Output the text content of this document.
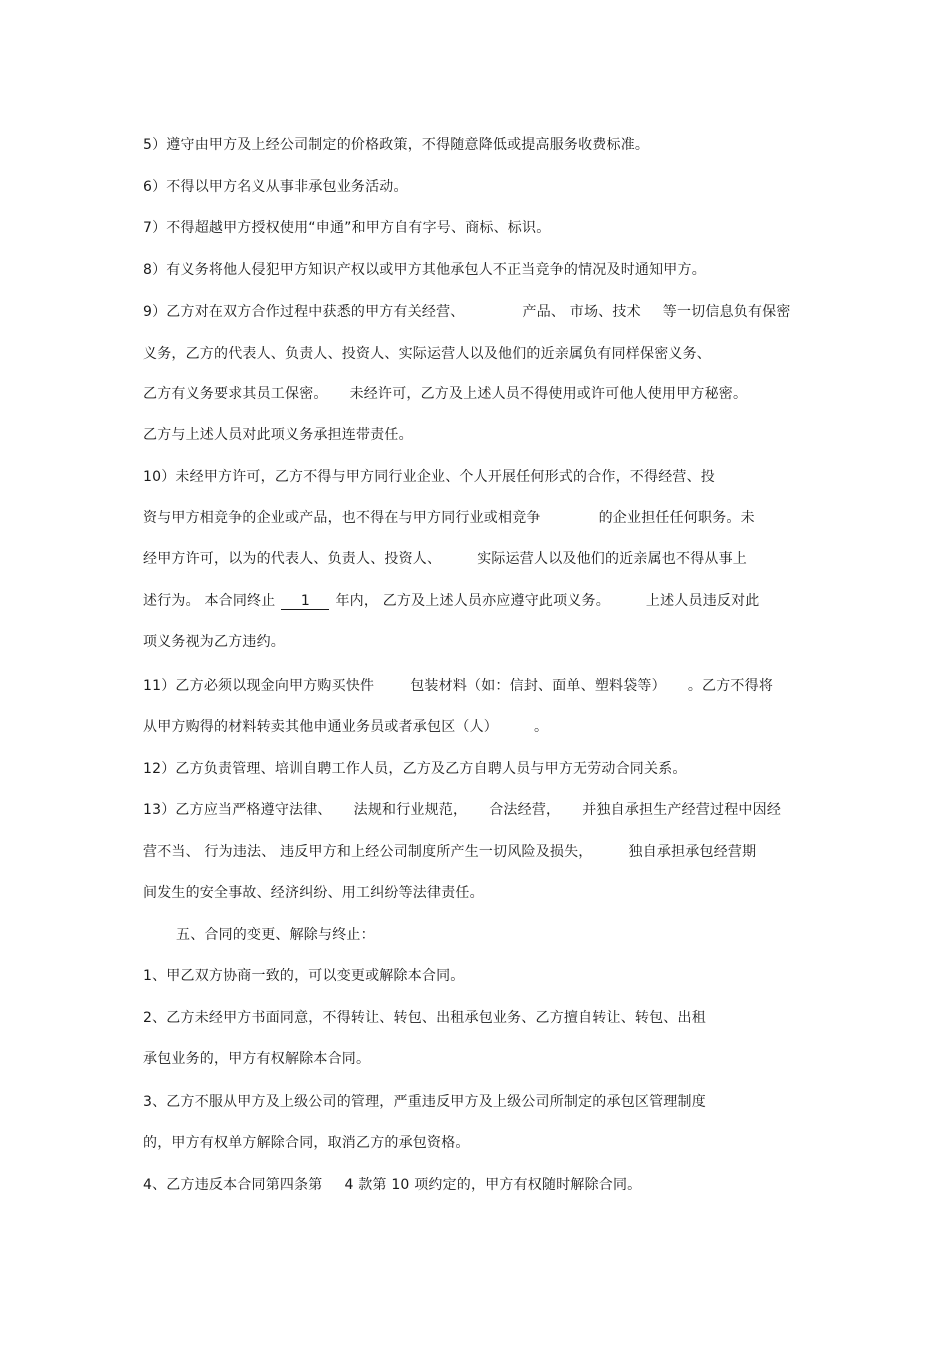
5）遵守由甲方及上经公司制定的价格政策，不得随意降低或提高服务收费标准。
6）不得以甲方名义从事非承包业务活动。
7）不得超越甲方授权使用“申通”和甲方自有字号、商标、标识。
8）有义务将他人侵犯甲方知识产权以或甲方其他承包人不正当竞争的情况及时通知甲方。
9）乙方对在双方合作过程中获悉的甲方有关经营、	产品、 市场、技术 等一切信息负有保密
义务，乙方的代表人、负责人、投资人、实际运营人以及他们的近亲属负有同样保密义务、
乙方有义务要求其员工保密。 未经许可，乙方及上述人员不得使用或许可他人使用甲方秘密。
乙方与上述人员对此项义务承担连带责任。
10）未经甲方许可，乙方不得与甲方同行业企业、个人开展任何形式的合作，不得经营、投
资与甲方相竞争的企业或产品，也不得在与甲方同行业或相竞争	的企业担任任何职务。未
经甲方许可，以为的代表人、负责人、投资人、	实际运营人以及他们的近亲属也不得从事上
述行为。 本合同终止 1 年内， 乙方及上述人员亦应遵守此项义务。	上述人员违反对此
项义务视为乙方违约。
11）乙方必须以现金向甲方购买快件	包装材料（如：信封、面单、塑料袋等） 。乙方不得将
从甲方购得的材料转卖其他申通业务员或者承包区（人）	。
12）乙方负责管理、培训自聘工作人员，乙方及乙方自聘人员与甲方无劳动合同关系。
13）乙方应当严格遵守法律、 法规和行业规范， 合法经营， 并独自承担生产经营过程中因经
营不当、 行为违法、 违反甲方和上经公司制度所产生一切风险及损失，	独自承担承包经营期
间发生的安全事故、经济纠纷、用工纠纷等法律责任。
五、合同的变更、解除与终止：
1、甲乙双方协商一致的，可以变更或解除本合同。
2、乙方未经甲方书面同意，不得转让、转包、出租承包业务、乙方擅自转让、转包、出租
承包业务的，甲方有权解除本合同。
3、乙方不服从甲方及上级公司的管理，严重违反甲方及上级公司所制定的承包区管理制度
的，甲方有权单方解除合同，取消乙方的承包资格。
4、乙方违反本合同第四条第 4 款第 10 项约定的，甲方有权随时解除合同。
